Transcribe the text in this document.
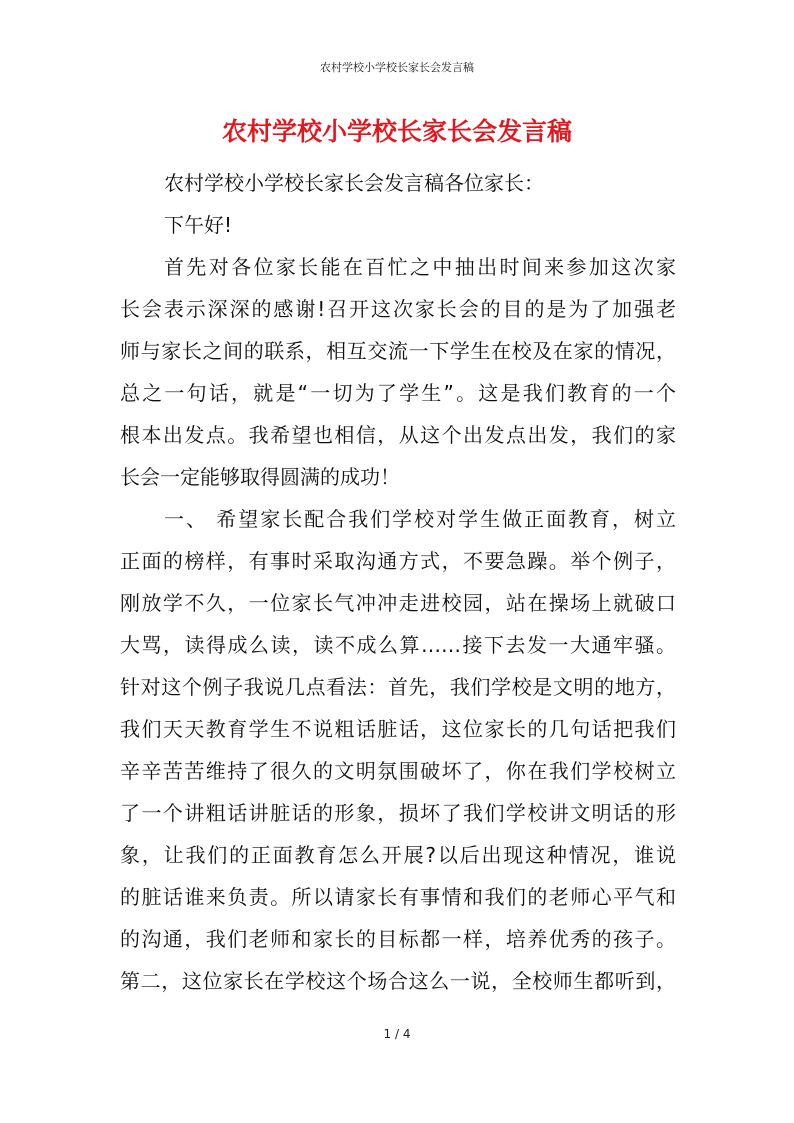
农村学校小学校长家长会发言稿
农村学校小学校长家长会发言稿
农村学校小学校长家长会发言稿各位家长：
下午好!
首先对各位家长能在百忙之中抽出时间来参加这次家
长会表示深深的感谢!召开这次家长会的目的是为了加强老
师与家长之间的联系，相互交流一下学生在校及在家的情况，
总之一句话，就是“一切为了学生”。这是我们教育的一个
根本出发点。我希望也相信，从这个出发点出发，我们的家
长会一定能够取得圆满的成功！
一、 希望家长配合我们学校对学生做正面教育，树立
正面的榜样，有事时采取沟通方式，不要急躁。举个例子，
刚放学不久，一位家长气冲冲走进校园，站在操场上就破口
大骂，读得成么读，读不成么算……接下去发一大通牢骚。
针对这个例子我说几点看法：首先，我们学校是文明的地方，
我们天天教育学生不说粗话脏话，这位家长的几句话把我们
辛辛苦苦维持了很久的文明氛围破坏了，你在我们学校树立
了一个讲粗话讲脏话的形象，损坏了我们学校讲文明话的形
象，让我们的正面教育怎么开展?以后出现这种情况，谁说
的脏话谁来负责。所以请家长有事情和我们的老师心平气和
的沟通，我们老师和家长的目标都一样，培养优秀的孩子。
第二，这位家长在学校这个场合这么一说，全校师生都听到，
1 / 4
